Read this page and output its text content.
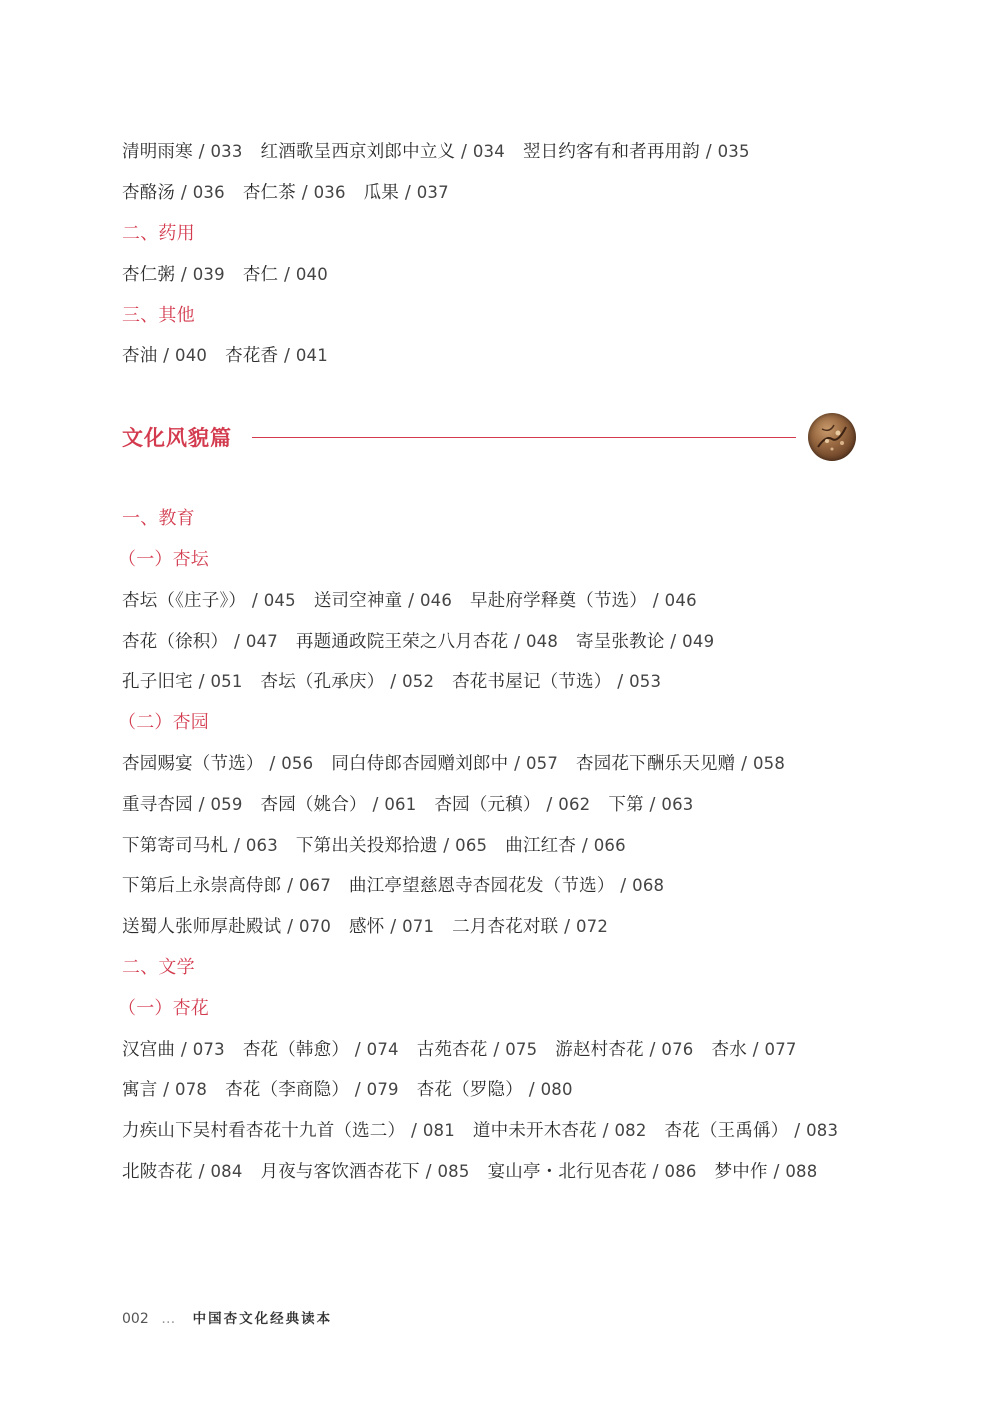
清明雨寒 / 033 红酒歌呈西京刘郎中立义 / 034 翌日约客有和者再用韵 / 035
杏酪汤 / 036 杏仁茶 / 036 瓜果 / 037
二、药用
杏仁粥 / 039 杏仁 / 040
三、其他
杏油 / 040 杏花香 / 041
文化风貌篇
一、教育
（一）杏坛
杏坛（《庄子》） / 045 送司空神童 / 046 早赴府学释奠（节选） / 046
杏花（徐积） / 047 再题通政院王荣之八月杏花 / 048 寄呈张教论 / 049
孔子旧宅 / 051 杏坛（孔承庆） / 052 杏花书屋记（节选） / 053
（二）杏园
杏园赐宴（节选） / 056 同白侍郎杏园赠刘郎中 / 057 杏园花下酬乐天见赠 / 058
重寻杏园 / 059 杏园（姚合） / 061 杏园（元稹） / 062 下第 / 063
下第寄司马札 / 063 下第出关投郑拾遗 / 065 曲江红杏 / 066
下第后上永崇高侍郎 / 067 曲江亭望慈恩寺杏园花发（节选） / 068
送蜀人张师厚赴殿试 / 070 感怀 / 071 二月杏花对联 / 072
二、文学
（一）杏花
汉宫曲 / 073 杏花（韩愈） / 074 古苑杏花 / 075 游赵村杏花 / 076 杏水 / 077
寓言 / 078 杏花（李商隐） / 079 杏花（罗隐） / 080
力疾山下吴村看杏花十九首（选二） / 081 道中未开木杏花 / 082 杏花（王禹偁） / 083
北陂杏花 / 084 月夜与客饮酒杏花下 / 085 宴山亭・北行见杏花 / 086 梦中作 / 088
002 … 中国杏文化经典读本
